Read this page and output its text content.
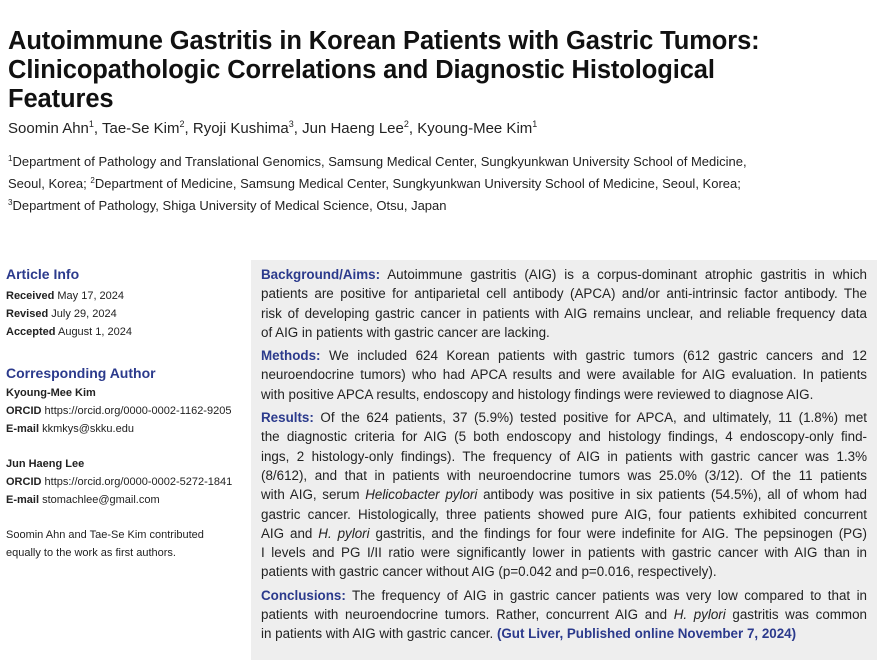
Autoimmune Gastritis in Korean Patients with Gastric Tumors:
Clinicopathologic Correlations and Diagnostic Histological
Features
Soomin Ahn$^1$, Tae-Se Kim$^2$, Ryoji Kushima$^3$, Jun Haeng Lee$^2$, Kyoung-Mee Kim$^1$
$^1$Department of Pathology and Translational Genomics, Samsung Medical Center, Sungkyunkwan University School of Medicine,
Seoul, Korea; $^2$Department of Medicine, Samsung Medical Center, Sungkyunkwan University School of Medicine, Seoul, Korea;
$^3$Department of Pathology, Shiga University of Medical Science, Otsu, Japan
Article Info
Received May 17, 2024
Revised July 29, 2024
Accepted August 1, 2024
Corresponding Author
Kyoung-Mee Kim
ORCID https://orcid.org/0000-0002-1162-9205
E-mail kkmkys@skku.edu
Jun Haeng Lee
ORCID https://orcid.org/0000-0002-5272-1841
E-mail stomachlee@gmail.com
Soomin Ahn and Tae-Se Kim contributed
equally to the work as first authors.
Background/Aims: Autoimmune gastritis (AIG) is a corpus-dominant atrophic gastritis in which
patients are positive for antiparietal cell antibody (APCA) and/or anti-intrinsic factor antibody. The
risk of developing gastric cancer in patients with AIG remains unclear, and reliable frequency data
of AIG in patients with gastric cancer are lacking.
Methods: We included 624 Korean patients with gastric tumors (612 gastric cancers and 12
neuroendocrine tumors) who had APCA results and were available for AIG evaluation. In patients
with positive APCA results, endoscopy and histology findings were reviewed to diagnose AIG.
Results: Of the 624 patients, 37 (5.9%) tested positive for APCA, and ultimately, 11 (1.8%) met
the diagnostic criteria for AIG (5 both endoscopy and histology findings, 4 endoscopy-only find-
ings, 2 histology-only findings). The frequency of AIG in patients with gastric cancer was 1.3%
(8/612), and that in patients with neuroendocrine tumors was 25.0% (3/12). Of the 11 patients
with AIG, serum Helicobacter pylori antibody was positive in six patients (54.5%), all of whom had
gastric cancer. Histologically, three patients showed pure AIG, four patients exhibited concurrent
AIG and H. pylori gastritis, and the findings for four were indefinite for AIG. The pepsinogen (PG)
I levels and PG I/II ratio were significantly lower in patients with gastric cancer with AIG than in
patients with gastric cancer without AIG (p=0.042 and p=0.016, respectively).
Conclusions: The frequency of AIG in gastric cancer patients was very low compared to that in
patients with neuroendocrine tumors. Rather, concurrent AIG and H. pylori gastritis was common
in patients with AIG with gastric cancer. (Gut Liver, Published online November 7, 2024)
